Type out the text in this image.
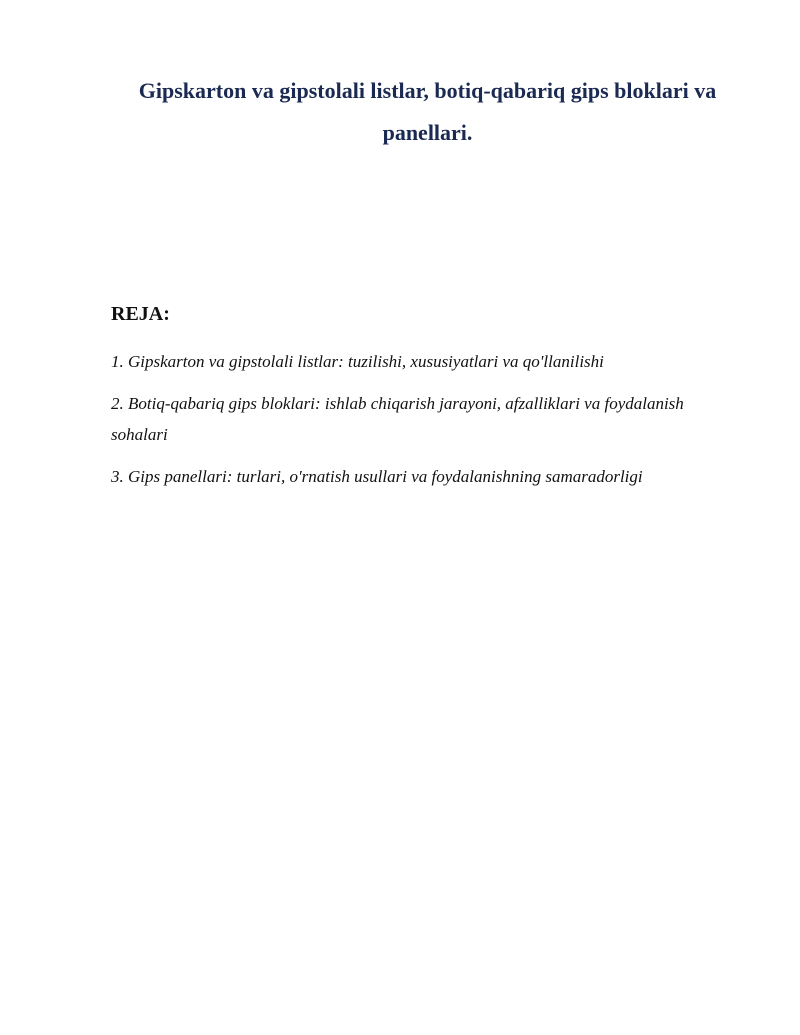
Gipskarton va gipstolali listlar, botiq-qabariq gips bloklari va panellari.
REJA:
1. Gipskarton va gipstolali listlar: tuzilishi, xususiyatlari va qo'llanilishi
2. Botiq-qabariq gips bloklari: ishlab chiqarish jarayoni, afzalliklari va foydalanish sohalari
3. Gips panellari: turlari, o'rnatish usullari va foydalanishning samaradorligi
